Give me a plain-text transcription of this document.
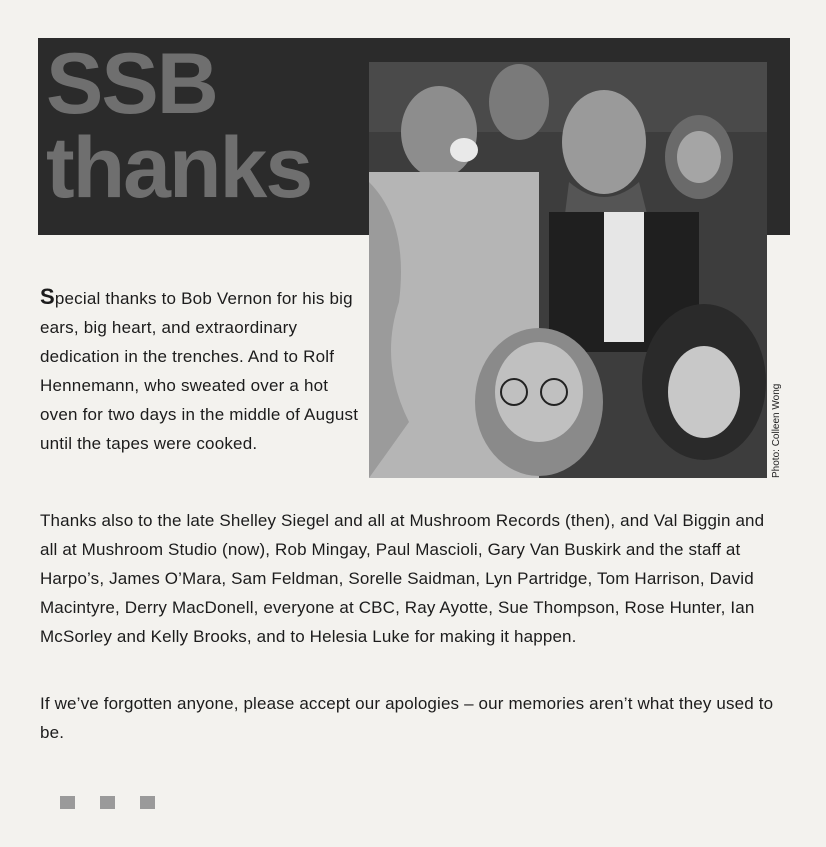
SSB
thanks
Photo: Colleen Wong

Special thanks to Bob Vernon for his big ears, big heart, and extraordinary dedication in the trenches. And to Rolf Hennemann, who sweated over a hot oven for two days in the middle of August until the tapes were cooked.

Thanks also to the late Shelley Siegel and all at Mushroom Records (then), and Val Biggin and all at Mushroom Studio (now), Rob Mingay, Paul Mascioli, Gary Van Buskirk and the staff at Harpo’s, James O’Mara, Sam Feldman, Sorelle Saidman, Lyn Partridge, Tom Harrison, David Macintyre, Derry MacDonell, everyone at CBC, Ray Ayotte, Sue Thompson, Rose Hunter, Ian McSorley and Kelly Brooks, and to Helesia Luke for making it happen.

If we’ve forgotten anyone, please accept our apologies – our memories aren’t what they used to be.
